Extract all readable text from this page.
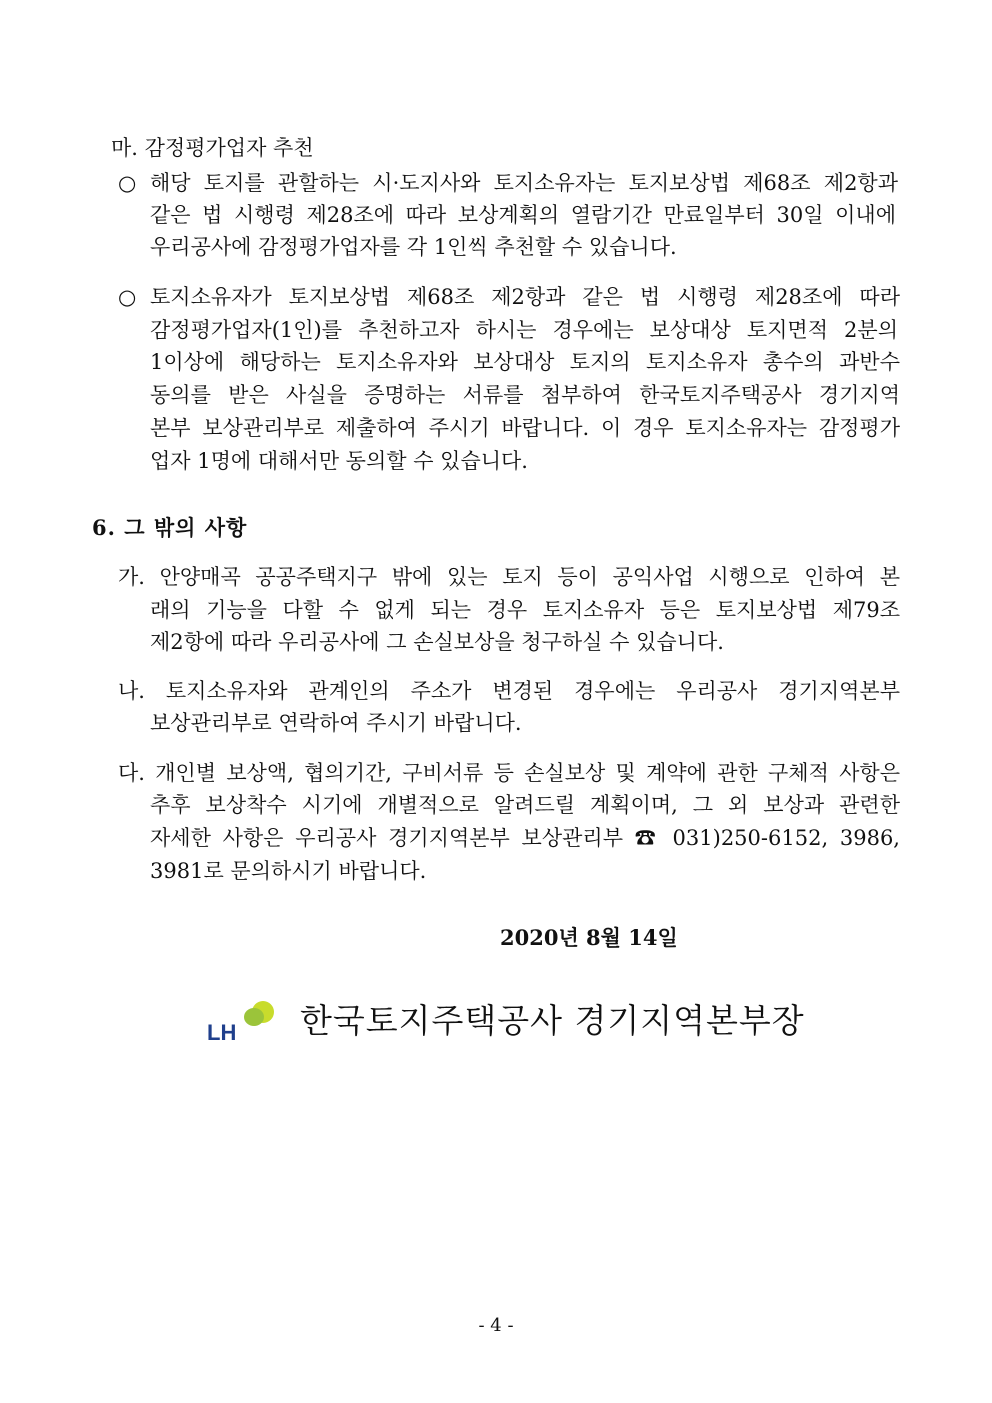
마. 감정평가업자 추천
○ 해당 토지를 관할하는 시·도지사와 토지소유자는 토지보상법 제68조 제2항과
같은 법 시행령 제28조에 따라 보상계획의 열람기간 만료일부터 30일 이내에
우리공사에 감정평가업자를 각 1인씩 추천할 수 있습니다.
○ 토지소유자가 토지보상법 제68조 제2항과 같은 법 시행령 제28조에 따라
감정평가업자(1인)를 추천하고자 하시는 경우에는 보상대상 토지면적 2분의
1이상에 해당하는 토지소유자와 보상대상 토지의 토지소유자 총수의 과반수
동의를 받은 사실을 증명하는 서류를 첨부하여 한국토지주택공사 경기지역
본부 보상관리부로 제출하여 주시기 바랍니다. 이 경우 토지소유자는 감정평가
업자 1명에 대해서만 동의할 수 있습니다.
6. 그 밖의 사항
가. 안양매곡 공공주택지구 밖에 있는 토지 등이 공익사업 시행으로 인하여 본
래의 기능을 다할 수 없게 되는 경우 토지소유자 등은 토지보상법 제79조
제2항에 따라 우리공사에 그 손실보상을 청구하실 수 있습니다.
나. 토지소유자와 관계인의 주소가 변경된 경우에는 우리공사 경기지역본부
보상관리부로 연락하여 주시기 바랍니다.
다. 개인별 보상액, 협의기간, 구비서류 등 손실보상 및 계약에 관한 구체적 사항은
추후 보상착수 시기에 개별적으로 알려드릴 계획이며, 그 외 보상과 관련한
자세한 사항은 우리공사 경기지역본부 보상관리부 ☎ 031)250-6152, 3986,
3981로 문의하시기 바랍니다.
2020년 8월 14일
LH 한국토지주택공사 경기지역본부장
- 4 -
